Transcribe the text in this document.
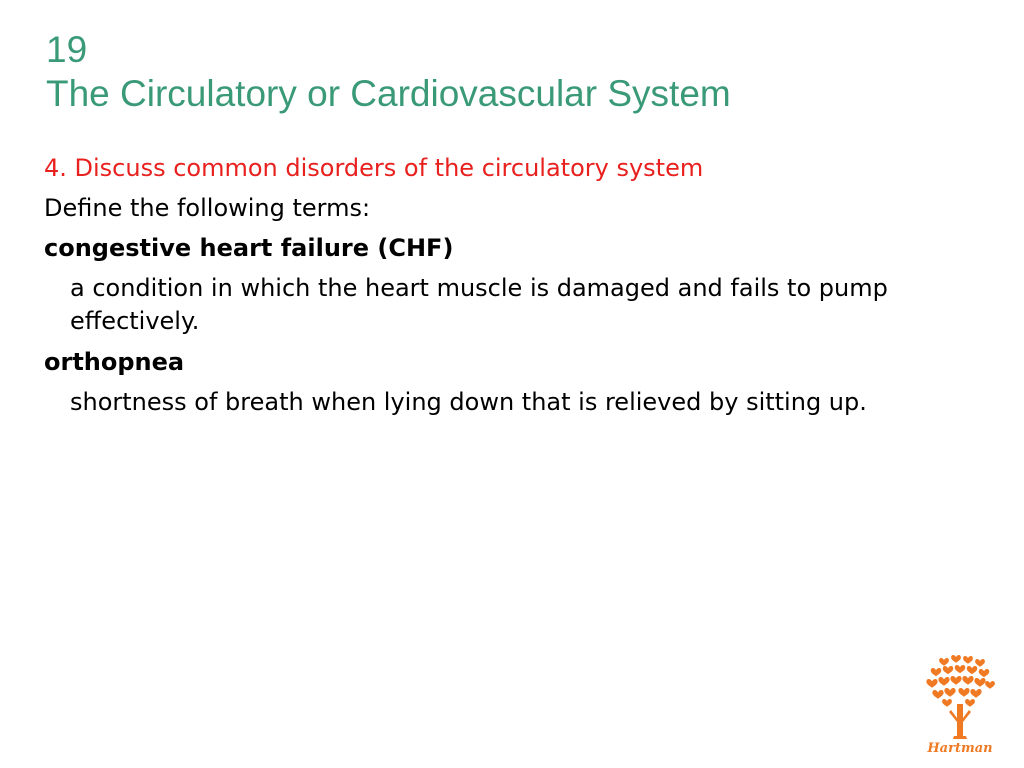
19
The Circulatory or Cardiovascular System
4. Discuss common disorders of the circulatory system
Define the following terms:
congestive heart failure (CHF)
a condition in which the heart muscle is damaged and fails to pump effectively.
orthopnea
shortness of breath when lying down that is relieved by sitting up.
Hartman
